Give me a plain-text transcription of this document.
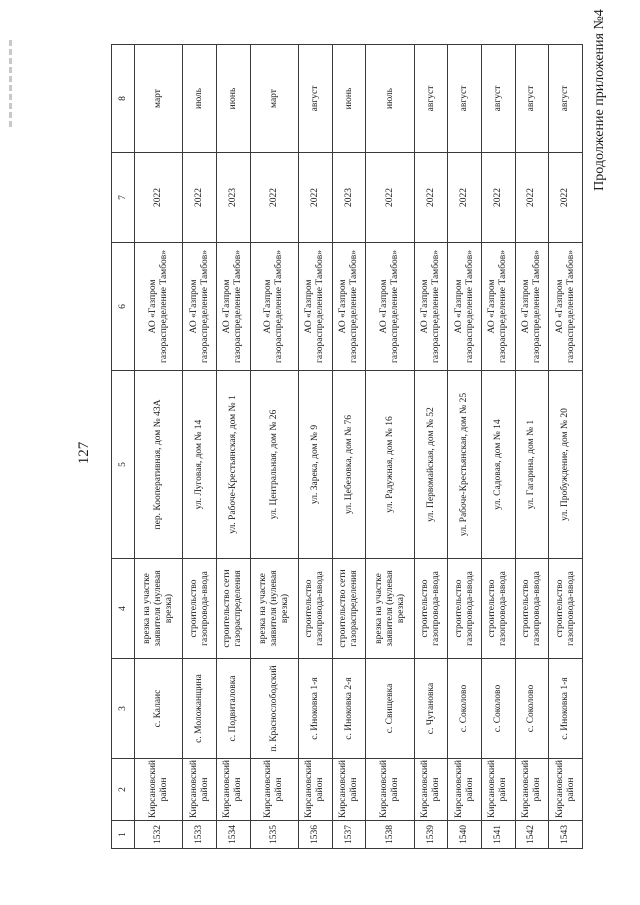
127
Продолжение приложения №4
1	2	3	4	5	6	7	8
1532	Кирсановский район	с. Калаис	врезка на участке заявителя (нулевая врезка)	пер. Кооперативная, дом № 43А	АО «Газпром газораспределение Тамбов»	2022	март
1533	Кирсановский район	с. Моложанщина	строительство газопровода-ввода	ул. Луговая, дом № 14	АО «Газпром газораспределение Тамбов»	2022	июль
1534	Кирсановский район	с. Подвиталовка	строительство сети газораспределения	ул. Рабоче-Крестьянская, дом № 1	АО «Газпром газораспределение Тамбов»	2023	июнь
1535	Кирсановский район	п. Краснослободский	врезка на участке заявителя (нулевая врезка)	ул. Центральная, дом № 26	АО «Газпром газораспределение Тамбов»	2022	март
1536	Кирсановский район	с. Иноковка 1-я	строительство газопровода-ввода	ул. Зарека, дом № 9	АО «Газпром газораспределение Тамбов»	2022	август
1537	Кирсановский район	с. Иноковка 2-я	строительство сети газораспределения	ул. Цебезовка, дом № 76	АО «Газпром газораспределение Тамбов»	2023	июнь
1538	Кирсановский район	с. Свищевка	врезка на участке заявителя (нулевая врезка)	ул. Радужная, дом № 16	АО «Газпром газораспределение Тамбов»	2022	июль
1539	Кирсановский район	с. Чутановка	строительство газопровода-ввода	ул. Первомайская, дом № 52	АО «Газпром газораспределение Тамбов»	2022	август
1540	Кирсановский район	с. Соколово	строительство газопровода-ввода	ул. Рабоче-Крестьянская, дом № 25	АО «Газпром газораспределение Тамбов»	2022	август
1541	Кирсановский район	с. Соколово	строительство газопровода-ввода	ул. Садовая, дом № 14	АО «Газпром газораспределение Тамбов»	2022	август
1542	Кирсановский район	с. Соколово	строительство газопровода-ввода	ул. Гагарина, дом № 1	АО «Газпром газораспределение Тамбов»	2022	август
1543	Кирсановский район	с. Иноковка 1-я	строительство газопровода-ввода	ул. Пробуждение, дом № 20	АО «Газпром газораспределение Тамбов»	2022	август
